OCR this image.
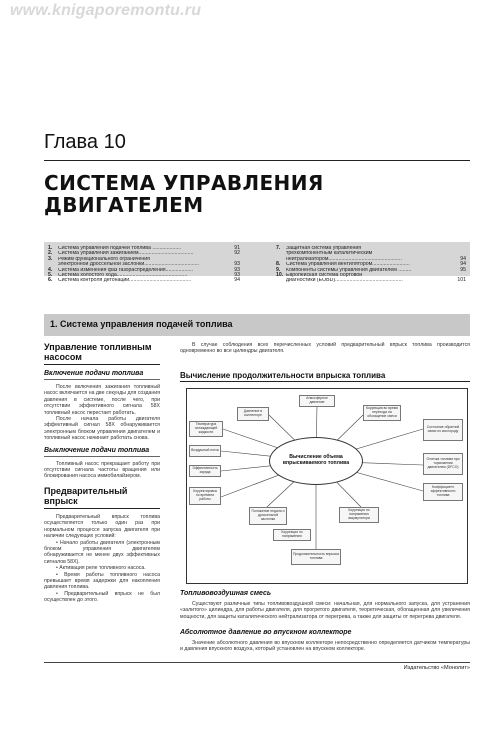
www.knigaporemontu.ru
Глава 10
СИСТЕМА УПРАВЛЕНИЯ
ДВИГАТЕЛЕМ
1.	Система управления подачей топлива ....................	91
2.	Система управления зажиганием......................................	92
3.	Режим функционального ограничения
электронной дроссельной заслонки......................................	93
4.	Система изменения фаз газораспределения...................	93
5.	Система холостого хода.................................................	93
6.	Система контроля детонации...........................................	94
7.	Защитная система управления
трехкомпонентным каталитическим
нейтрализатором...................................................	94
8.	Система управления вентилятором..........................	94
9.	Компоненты системы управления двигателем .........	95
10. Европейская система бортовой
диагностики (EOBD)...............................................	101
1. Система управления подачей топлива
Управление топливным насосом
Включение подачи топлива

После включения зажигания топливный насос включается на две секунды для создания давления в системе, после чего, при отсутствии эффективного сигнала 58X топливный насос перестает работать.

После начала работы двигателя эффективный сигнал 58X обнаруживается электронным блоком управления двигателем и топливный насос начинает работать снова.

Выключение подачи топлива

Топливный насос прекращает работу при отсутствии сигнала частоты вращения или блокирования насоса иммобилайзером.

Предварительный впрыск

Предварительный впрыск топлива осуществляется только один раз при нормальном процессе запуска двигателя при наличии следующих условий:

• Начало работы двигателя (электронным блоком управления двигателем обнаруживается не менее двух эффективных сигналов 58X).

• Активация реле топливного насоса.

• Время работы топливного насоса превышает время задержки для накопления давления топлива.

• Предварительный впрыск не был осуществлен до этого.

В случае соблюдения всех перечисленных условий предварительный впрыск топлива производится одновременно во все цилиндры двигателя.

Вычисление продолжительности впрыска топлива
Температура охлаждающей жидкости
Давление в коллекторе
Атмосферное давление
Коррекция во время перехода на обогащение смеси
Состояние обратной связи по кислороду
Воздушный поток
Эффективность заряда
Отсечка топлива при торможении двигателем (DFCO)
Корректировка по времени работы
Коэффициент эффективности топлива
Коррекция по напряжению аккумулятора
Положение педали и дроссельной заслонки
Коррекция по напряжению
Продолжительность впрыска топлива
Вычисление объема впрыскиваемого топлива
Топливовоздушная смесь

Существуют различные типы топливовоздушной смеси: начальная, для нормального запуска, для устранения «залитого» цилиндра, для работы двигателя, для прогретого двигателя, теоретическая, обогащенная для увеличения мощности, для защиты каталитического нейтрализатора от перегрева, а также для защиты от перегрева двигателя.

Абсолютное давление во впускном коллекторе

Значение абсолютного давления во впускном коллекторе непосредственно определяется датчиком температуры и давления впускного воздуха, который установлен на впускном коллекторе.

Издательство «Монолит»
